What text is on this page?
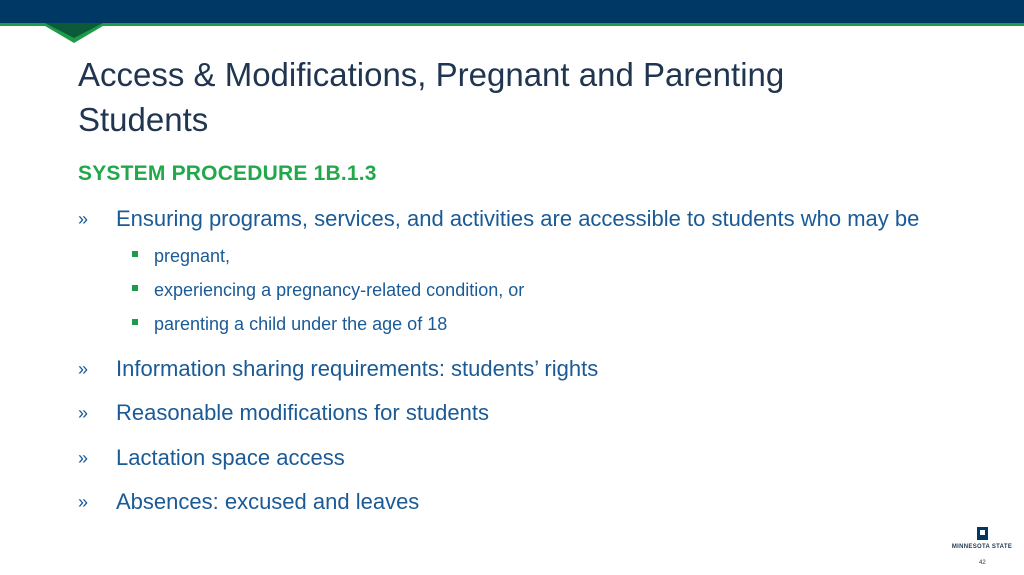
Access & Modifications, Pregnant and Parenting Students
SYSTEM PROCEDURE 1B.1.3
» Ensuring programs, services, and activities are accessible to students who may be
pregnant,
experiencing a pregnancy-related condition, or
parenting a child under the age of 18
» Information sharing requirements: students’ rights
» Reasonable modifications for students
» Lactation space access
» Absences: excused and leaves
MINNESOTA STATE
42
